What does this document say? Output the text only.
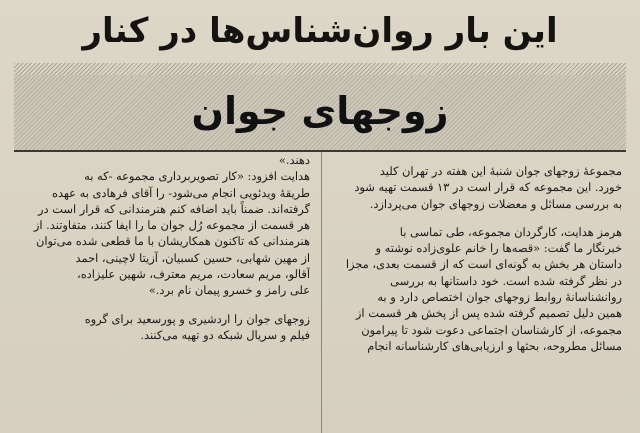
این بار روان‌شناس‌ها در کنار
زوجهای جوان
مجموعهٔ زوجهای جوان شنبهٔ این هفته در تهران کلید
خورد. این مجموعه که قرار است در ۱۳ قسمت تهیه شود
به بررسی مسائل و معضلات زوجهای جوان می‌پردازد.
هرمز هدایت، کارگردان مجموعه، طی تماسی با
خبرنگار ما گفت: «قصه‌ها را خانم علوی‌زاده نوشته و
داستان هر بخش به گونه‌ای است که از قسمت بعدی، مجزا
در نظر گرفته شده است. خود داستانها به بررسی
روانشناسانهٔ روابط زوجهای جوان اختصاص دارد و به
همین دلیل تصمیم گرفته شده پس از پخش هر قسمت از
مجموعه، از کارشناسان اجتماعی دعوت شود تا پیرامون
مسائل مطروحه، بحثها و ارزیابی‌های کارشناسانه انجام
دهند.»
هدایت افزود: «کار تصویربرداری مجموعه -که به
طریقهٔ ویدئویی انجام می‌شود- را آقای فرهادی به عهده
گرفته‌اند. ضمناً باید اضافه کنم هنرمندانی که قرار است در
هر قسمت از مجموعه رُل جوان ما را ایفا کنند، متفاوتند. از
هنرمندانی که تاکنون همکاریشان با ما قطعی شده می‌توان
از مهین شهابی، حسین کسبیان، آزیتا لاچینی، احمد
آقالو، مریم سعادت، مریم معترف، شهین علیزاده،
علی رامز و خسرو پیمان نام برد.»
زوجهای جوان را اردشیری و پورسعید برای گروه
فیلم و سریال شبکه دو تهیه می‌کنند.
